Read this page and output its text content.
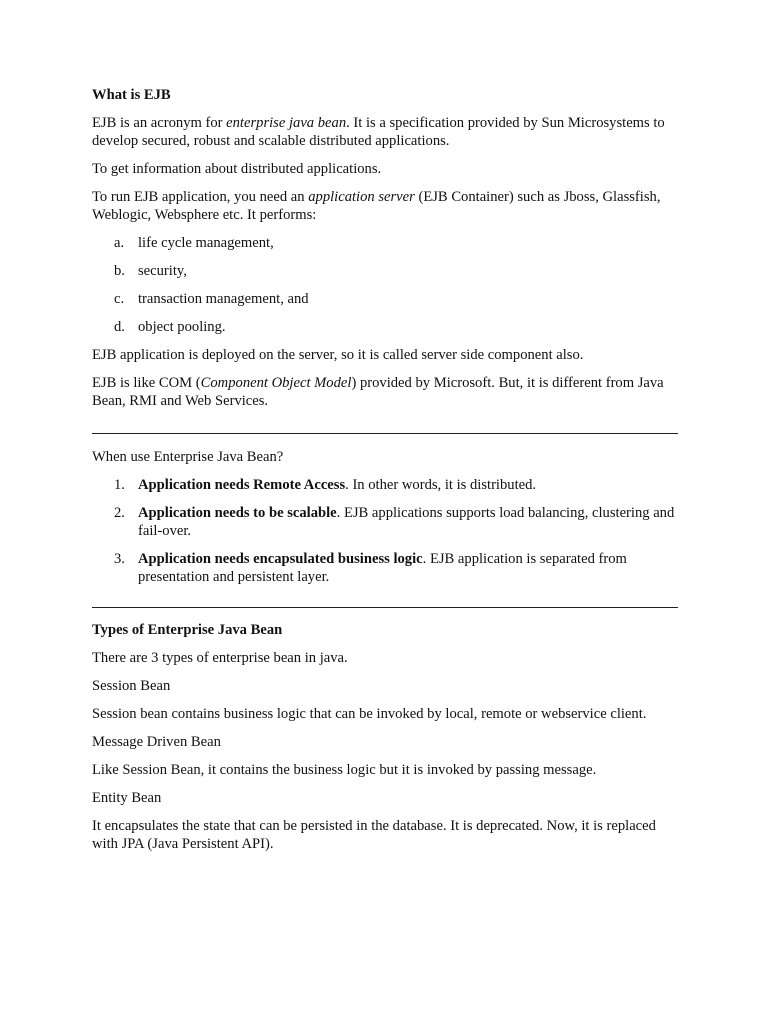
What is EJB

EJB is an acronym for enterprise java bean. It is a specification provided by Sun Microsystems to develop secured, robust and scalable distributed applications.

To get information about distributed applications.

To run EJB application, you need an application server (EJB Container) such as Jboss, Glassfish, Weblogic, Websphere etc. It performs:

a. life cycle management,
b. security,
c. transaction management, and
d. object pooling.

EJB application is deployed on the server, so it is called server side component also.

EJB is like COM (Component Object Model) provided by Microsoft. But, it is different from Java Bean, RMI and Web Services.

When use Enterprise Java Bean?

1. Application needs Remote Access. In other words, it is distributed.
2. Application needs to be scalable. EJB applications supports load balancing, clustering and fail-over.
3. Application needs encapsulated business logic. EJB application is separated from presentation and persistent layer.

Types of Enterprise Java Bean

There are 3 types of enterprise bean in java.

Session Bean

Session bean contains business logic that can be invoked by local, remote or webservice client.

Message Driven Bean

Like Session Bean, it contains the business logic but it is invoked by passing message.

Entity Bean

It encapsulates the state that can be persisted in the database. It is deprecated. Now, it is replaced with JPA (Java Persistent API).
